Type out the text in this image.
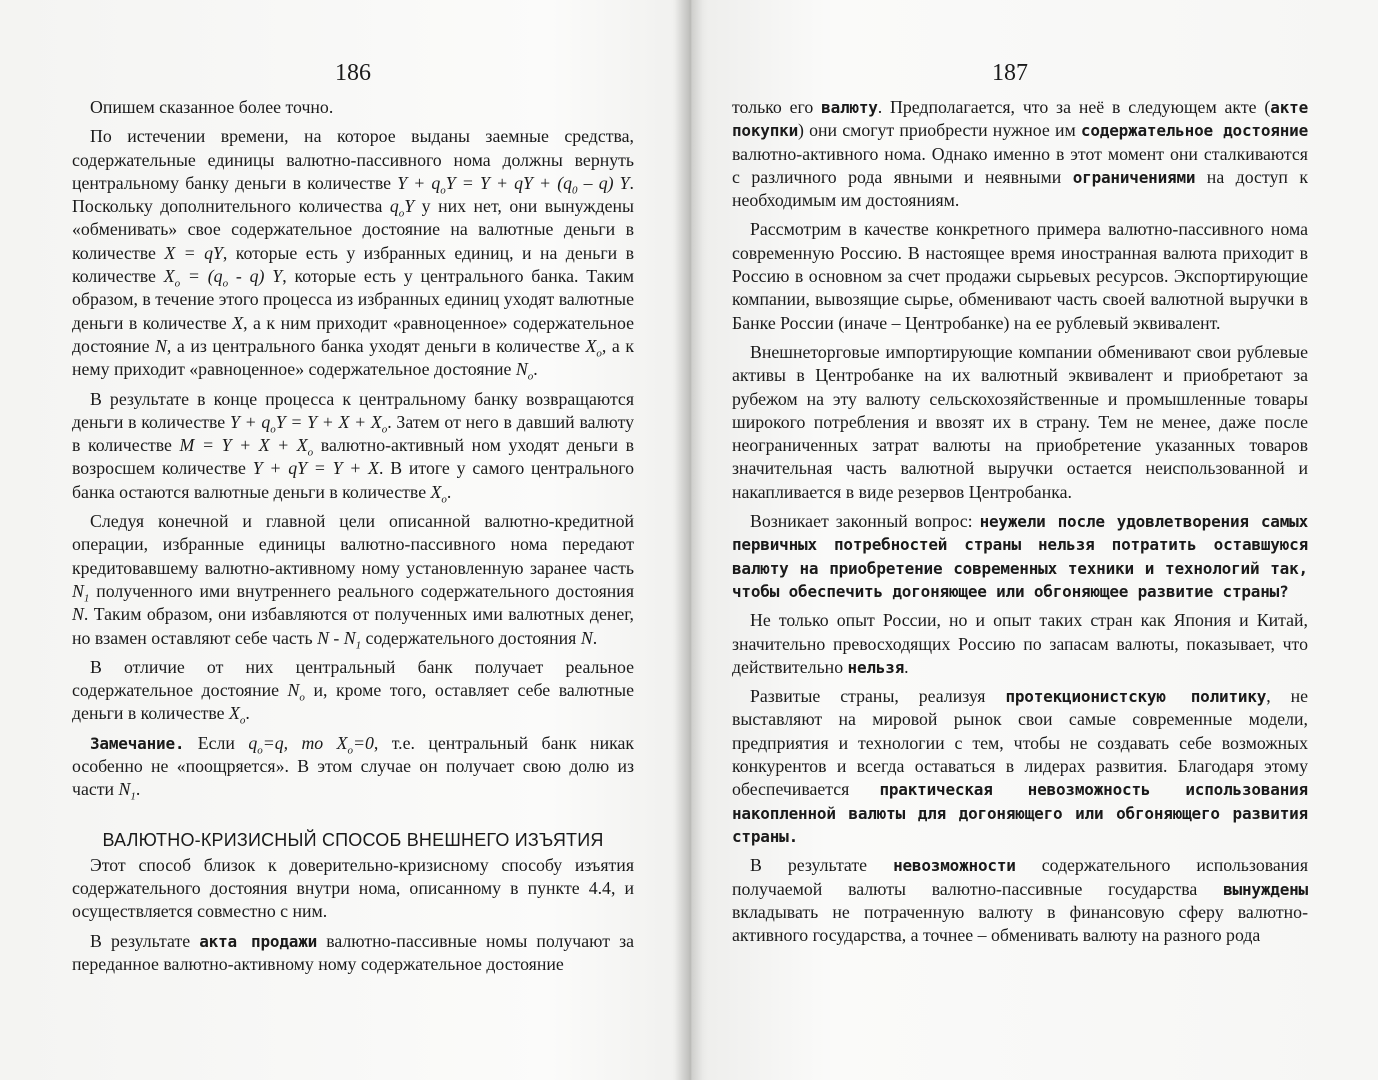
186

Опишем сказанное более точно.

По истечении времени, на которое выданы заемные средства, содержательные единицы валютно-пассивного нома должны вернуть центральному банку деньги в количестве $Y + q_oY = Y$ + qY + $(q_0 - q)$ Y. Поскольку дополнительного количества $q_oY$ у них нет, они вынуждены «обменивать» свое содержательное достояние на валютные деньги в количестве X = qY, которые есть у избранных единиц, и на деньги в количестве $X_o = (q_o - q)$ Y, которые есть у центрального банка. Таким образом, в течение этого процесса из избранных единиц уходят валютные деньги в количестве X, а к ним приходит «равноценное» содержательное достояние N, а из центрального банка уходят деньги в количестве $X_o$, а к нему приходит «равноценное» содержательное достояние $N_o$.

В результате в конце процесса к центральному банку возвращаются деньги в количестве $Y + q_oY = Y + X + X_o$. Затем от него в давший валюту в количестве $M = Y + X + X_o$ валютно-активный ном уходят деньги в возросшем количестве Y + qY = Y + X. В итоге у самого центрального банка остаются валютные деньги в количестве $X_o$.

Следуя конечной и главной цели описанной валютно-кредитной операции, избранные единицы валютно-пассивного нома передают кредитовавшему валютно-активному ному установленную заранее часть $N_1$ полученного ими внутреннего реального содержательного достояния N. Таким образом, они избавляются от полученных ими валютных денег, но взамен оставляют себе часть N - $N_1$ содержательного достояния N.

В отличие от них центральный банк получает реальное содержательное достояние $N_o$ и, кроме того, оставляет себе валютные деньги в количестве $X_o$.

Замечание. Если $q_o=q$, то $X_o=0$, т.е. центральный банк никак особенно не «поощряется». В этом случае он получает свою долю из части $N_1$.

ВАЛЮТНО-КРИЗИСНЫЙ СПОСОБ ВНЕШНЕГО ИЗЪЯТИЯ

Этот способ близок к доверительно-кризисному способу изъятия содержательного достояния внутри нома, описанному в пункте 4.4, и осуществляется совместно с ним.

В результате акта продажи валютно-пассивные номы получают за переданное валютно-активному ному содержательное достояние

187

только его валюту. Предполагается, что за неё в следующем акте (акте покупки) они смогут приобрести нужное им содержательное достояние валютно-активного нома. Однако именно в этот момент они сталкиваются с различного рода явными и неявными ограничениями на доступ к необходимым им достояниям.

Рассмотрим в качестве конкретного примера валютно-пассивного нома современную Россию. В настоящее время иностранная валюта приходит в Россию в основном за счет продажи сырьевых ресурсов. Экспортирующие компании, вывозящие сырье, обменивают часть своей валютной выручки в Банке России (иначе – Центробанке) на ее рублевый эквивалент.

Внешнеторговые импортирующие компании обменивают свои рублевые активы в Центробанке на их валютный эквивалент и приобретают за рубежом на эту валюту сельскохозяйственные и промышленные товары широкого потребления и ввозят их в страну. Тем не менее, даже после неограниченных затрат валюты на приобретение указанных товаров значительная часть валютной выручки остается неиспользованной и накапливается в виде резервов Центробанка.

Возникает законный вопрос: неужели после удовлетворения самых первичных потребностей страны нельзя потратить оставшуюся валюту на приобретение современных техники и технологий так, чтобы обеспечить догоняющее или обгоняющее развитие страны?

Не только опыт России, но и опыт таких стран как Япония и Китай, значительно превосходящих Россию по запасам валюты, показывает, что действительно нельзя.

Развитые страны, реализуя протекционистскую политику, не выставляют на мировой рынок свои самые современные модели, предприятия и технологии с тем, чтобы не создавать себе возможных конкурентов и всегда оставаться в лидерах развития. Благодаря этому обеспечивается практическая невозможность использования накопленной валюты для догоняющего или обгоняющего развития страны.

В результате невозможности содержательного использования получаемой валюты валютно-пассивные государства вынуждены вкладывать не потраченную валюту в финансовую сферу валютно-активного государства, а точнее – обменивать валюту на разного рода
